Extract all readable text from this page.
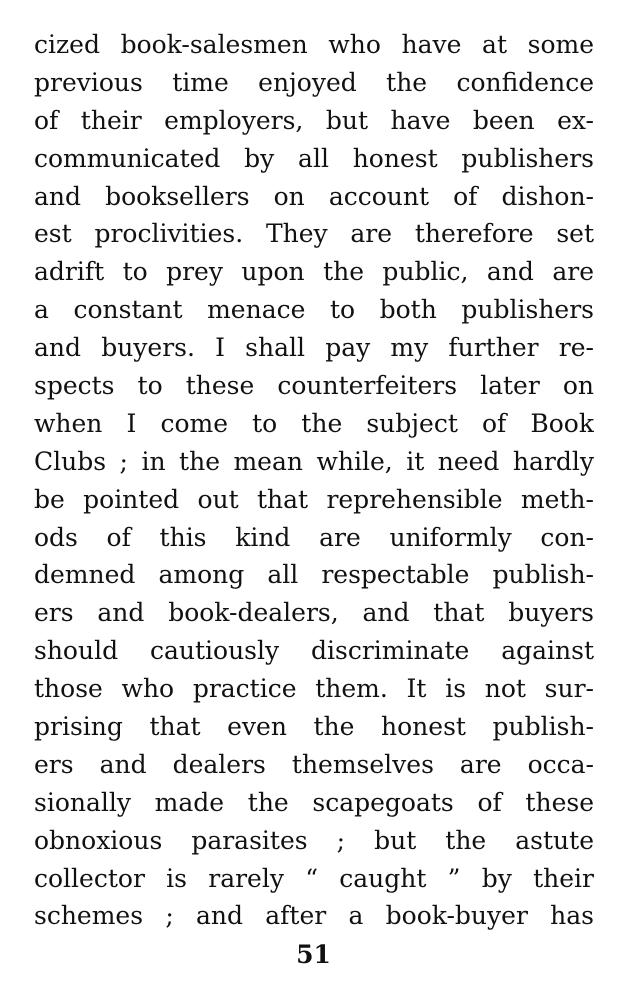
cized book-salesmen who have at some
previous time enjoyed the confidence
of their employers, but have been ex-
communicated by all honest publishers
and booksellers on account of dishon-
est proclivities. They are therefore set
adrift to prey upon the public, and are
a constant menace to both publishers
and buyers. I shall pay my further re-
spects to these counterfeiters later on
when I come to the subject of Book
Clubs ; in the mean while, it need hardly
be pointed out that reprehensible meth-
ods of this kind are uniformly con-
demned among all respectable publish-
ers and book-dealers, and that buyers
should cautiously discriminate against
those who practice them. It is not sur-
prising that even the honest publish-
ers and dealers themselves are occa-
sionally made the scapegoats of these
obnoxious parasites ; but the astute
collector is rarely “ caught ” by their
schemes ; and after a book-buyer has
51
